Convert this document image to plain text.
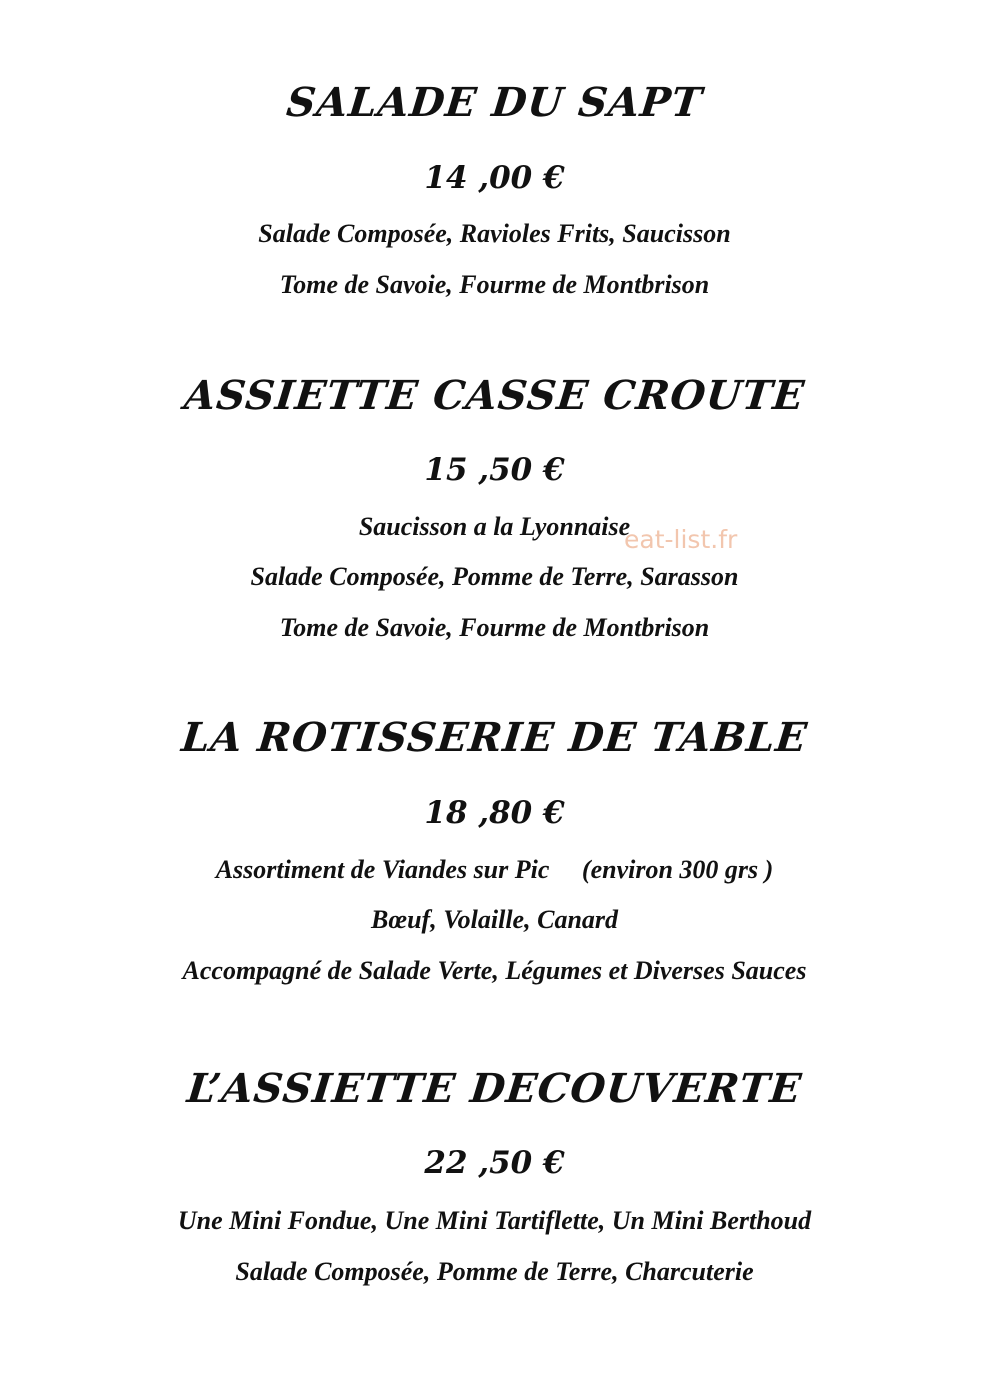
SALADE DU SAPT
14 ,00 €
Salade Composée, Ravioles Frits, Saucisson
Tome de Savoie, Fourme de Montbrison
ASSIETTE CASSE CROUTE
15 ,50 €
Saucisson a la Lyonnaise
Salade Composée, Pomme de Terre, Sarasson
Tome de Savoie, Fourme de Montbrison
eat-list.fr
LA ROTISSERIE DE TABLE
18 ,80 €
Assortiment de Viandes sur Pic     (environ 300 grs )
Bœuf, Volaille, Canard
Accompagné de Salade Verte, Légumes et Diverses Sauces
L’ASSIETTE DECOUVERTE
22 ,50 €
Une Mini Fondue, Une Mini Tartiflette, Un Mini Berthoud
Salade Composée, Pomme de Terre, Charcuterie
